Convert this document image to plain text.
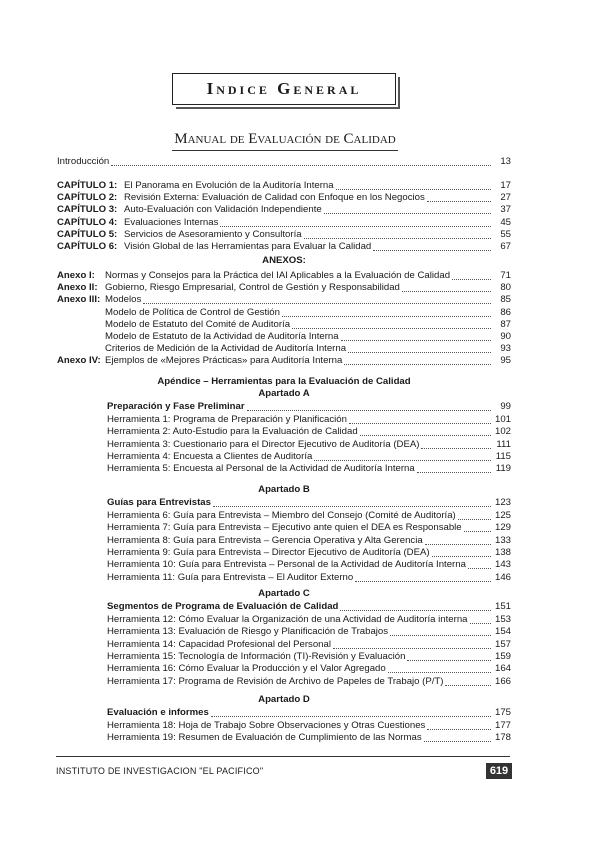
Indice General
Manual de Evaluación de Calidad
Introducción	13
CAPÍTULO 1: El Panorama en Evolución de la Auditoría Interna	17
CAPÍTULO 2: Revisión Externa: Evaluación de Calidad con Enfoque en los Negocios	27
CAPÍTULO 3: Auto-Evaluación con Validación Independiente	37
CAPÍTULO 4: Evaluaciones Internas	45
CAPÍTULO 5: Servicios de Asesoramiento y Consultoría	55
CAPÍTULO 6: Visión Global de las Herramientas para Evaluar la Calidad	67
ANEXOS:
Anexo I:	Normas y Consejos para la Práctica del IAI Aplicables a la Evaluación de Calidad	71
Anexo II: Gobierno, Riesgo Empresarial, Control de Gestión y Responsabilidad	80
Anexo III: Modelos	85
Modelo de Política de Control de Gestión	86
Modelo de Estatuto del Comité de Auditoría	87
Modelo de Estatuto de la Actividad de Auditoría Interna	90
Criterios de Medición de la Actividad de Auditoría Interna	93
Anexo IV: Ejemplos de «Mejores Prácticas» para Auditoría Interna	95
Apéndice – Herramientas para la Evaluación de Calidad
Apartado A
Preparación y Fase Preliminar	99
Herramienta 1: Programa de Preparación y Planificación	101
Herramienta 2: Auto-Estudio para la Evaluación de Calidad	102
Herramienta 3: Cuestionario para el Director Ejecutivo de Auditoría (DEA)	111
Herramienta 4: Encuesta a Clientes de Auditoría	115
Herramienta 5: Encuesta al Personal de la Actividad de Auditoría Interna	119
Apartado B
Guías para Entrevistas	123
Herramienta 6: Guía para Entrevista – Miembro del Consejo (Comité de Auditoría)	125
Herramienta 7: Guía para Entrevista – Ejecutivo ante quien el DEA es Responsable	129
Herramienta 8: Guía para Entrevista – Gerencia Operativa y Alta Gerencia	133
Herramienta 9: Guía para Entrevista – Director Ejecutivo de Auditoría (DEA)	138
Herramienta 10: Guía para Entrevista – Personal de la Actividad de Auditoría Interna	143
Herramienta 11: Guía para Entrevista – El Auditor Externo	146
Apartado C
Segmentos de Programa de Evaluación de Calidad	151
Herramienta 12: Cómo Evaluar la Organización de una Actividad de Auditoría interna	153
Herramienta 13: Evaluación de Riesgo y Planificación de Trabajos	154
Herramienta 14: Capacidad Profesional del Personal	157
Herramienta 15: Tecnología de Información (TI)-Revisión y Evaluación	159
Herramienta 16: Cómo Evaluar la Producción y el Valor Agregado	164
Herramienta 17: Programa de Revisión de Archivo de Papeles de Trabajo (P/T)	166
Apartado D
Evaluación e informes	175
Herramienta 18: Hoja de Trabajo Sobre Observaciones y Otras Cuestiones	177
Herramienta 19: Resumen de Evaluación de Cumplimiento de las Normas	178
INSTITUTO DE INVESTIGACION "EL PACIFICO"	619
